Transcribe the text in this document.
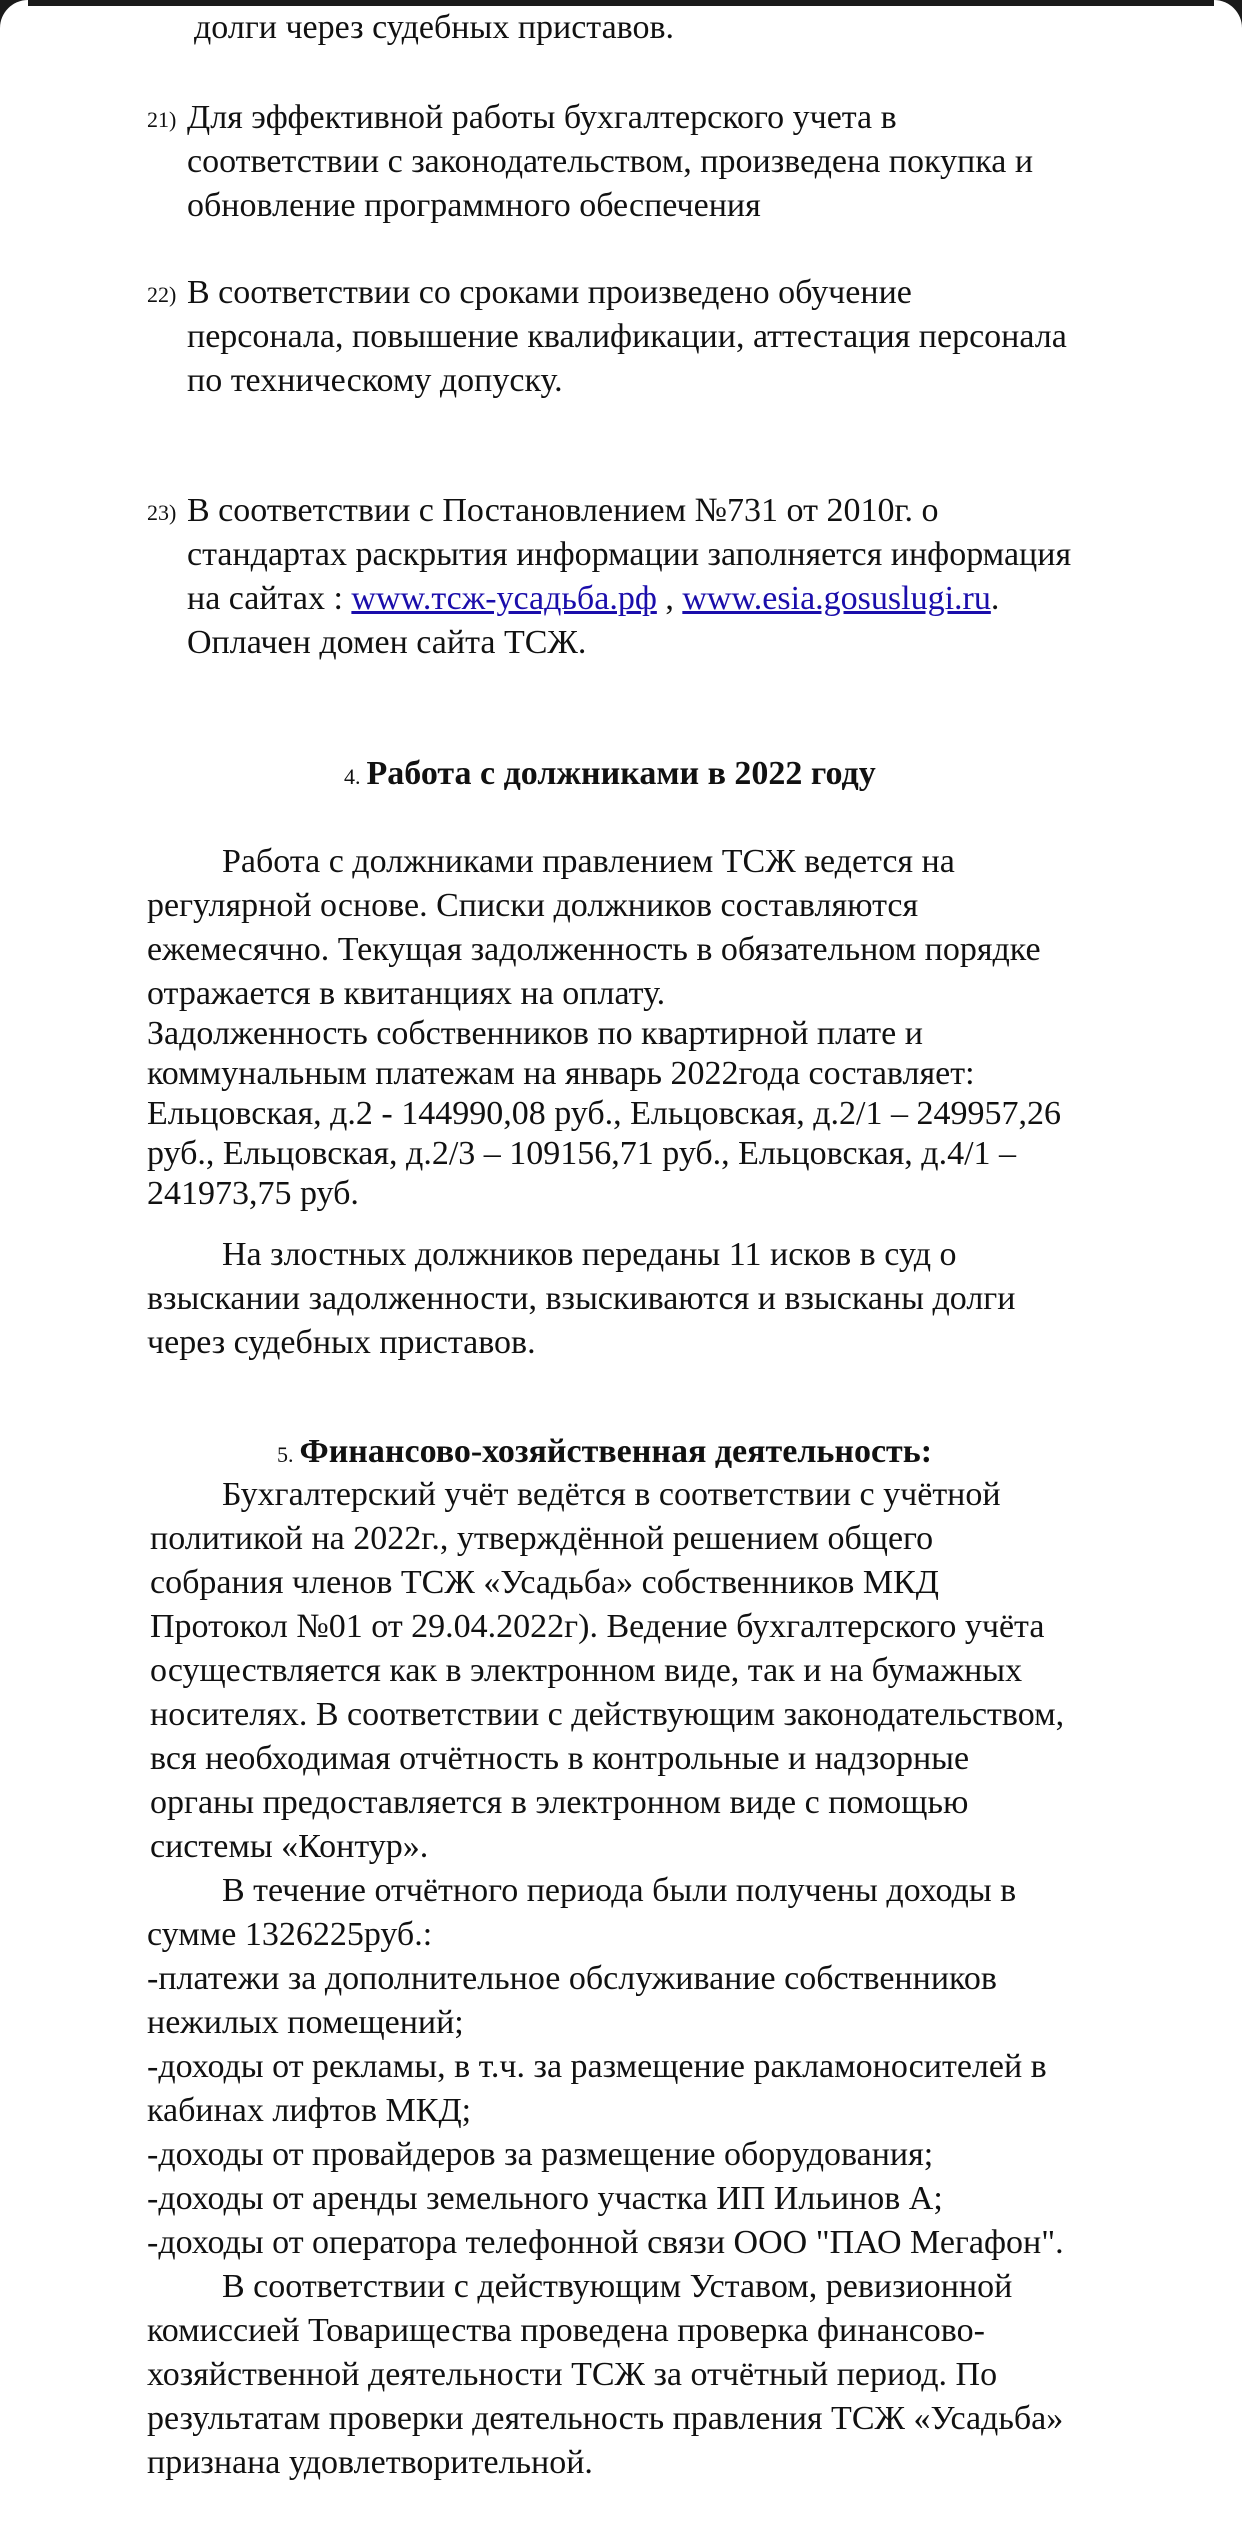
долги через судебных приставов.
21) Для эффективной работы бухгалтерского учета в
соответствии с законодательством, произведена покупка и
обновление программного обеспечения
22) В соответствии со сроками произведено обучение
персонала, повышение квалификации, аттестация персонала
по техническому допуску.
23) В соответствии с Постановлением №731 от 2010г. о
стандартах раскрытия информации заполняется информация
на сайтах : www.тсж-усадьба.рф , www.esia.gosuslugi.ru.
Оплачен домен сайта ТСЖ.
4. Работа с должниками в 2022 году
Работа с должниками правлением ТСЖ ведется на
регулярной основе. Списки должников составляются
ежемесячно. Текущая задолженность в обязательном порядке
отражается в квитанциях на оплату.
Задолженность собственников по квартирной плате и
коммунальным платежам на январь 2022года составляет:
Ельцовская, д.2 - 144990,08 руб., Ельцовская, д.2/1 – 249957,26
руб., Ельцовская, д.2/3 – 109156,71 руб., Ельцовская, д.4/1 –
241973,75 руб.
На злостных должников переданы 11 исков в суд о
взыскании задолженности, взыскиваются и взысканы долги
через судебных приставов.
5. Финансово-хозяйственная деятельность:
Бухгалтерский учёт ведётся в соответствии с учётной
политикой на 2022г., утверждённой решением общего
собрания членов ТСЖ «Усадьба» собственников МКД
Протокол №01 от 29.04.2022г). Ведение бухгалтерского учёта
осуществляется как в электронном виде, так и на бумажных
носителях. В соответствии с действующим законодательством,
вся необходимая отчётность в контрольные и надзорные
органы предоставляется в электронном виде с помощью
системы «Контур».
В течение отчётного периода были получены доходы в
сумме 1326225руб.:
-платежи за дополнительное обслуживание собственников
нежилых помещений;
-доходы от рекламы, в т.ч. за размещение ракламоносителей в
кабинах лифтов МКД;
-доходы от провайдеров за размещение оборудования;
-доходы от аренды земельного участка ИП Ильинов А;
-доходы от оператора телефонной связи ООО "ПАО Мегафон".
В соответствии с действующим Уставом, ревизионной
комиссией Товарищества проведена проверка финансово-
хозяйственной деятельности ТСЖ за отчётный период. По
результатам проверки деятельность правления ТСЖ «Усадьба»
признана удовлетворительной.
